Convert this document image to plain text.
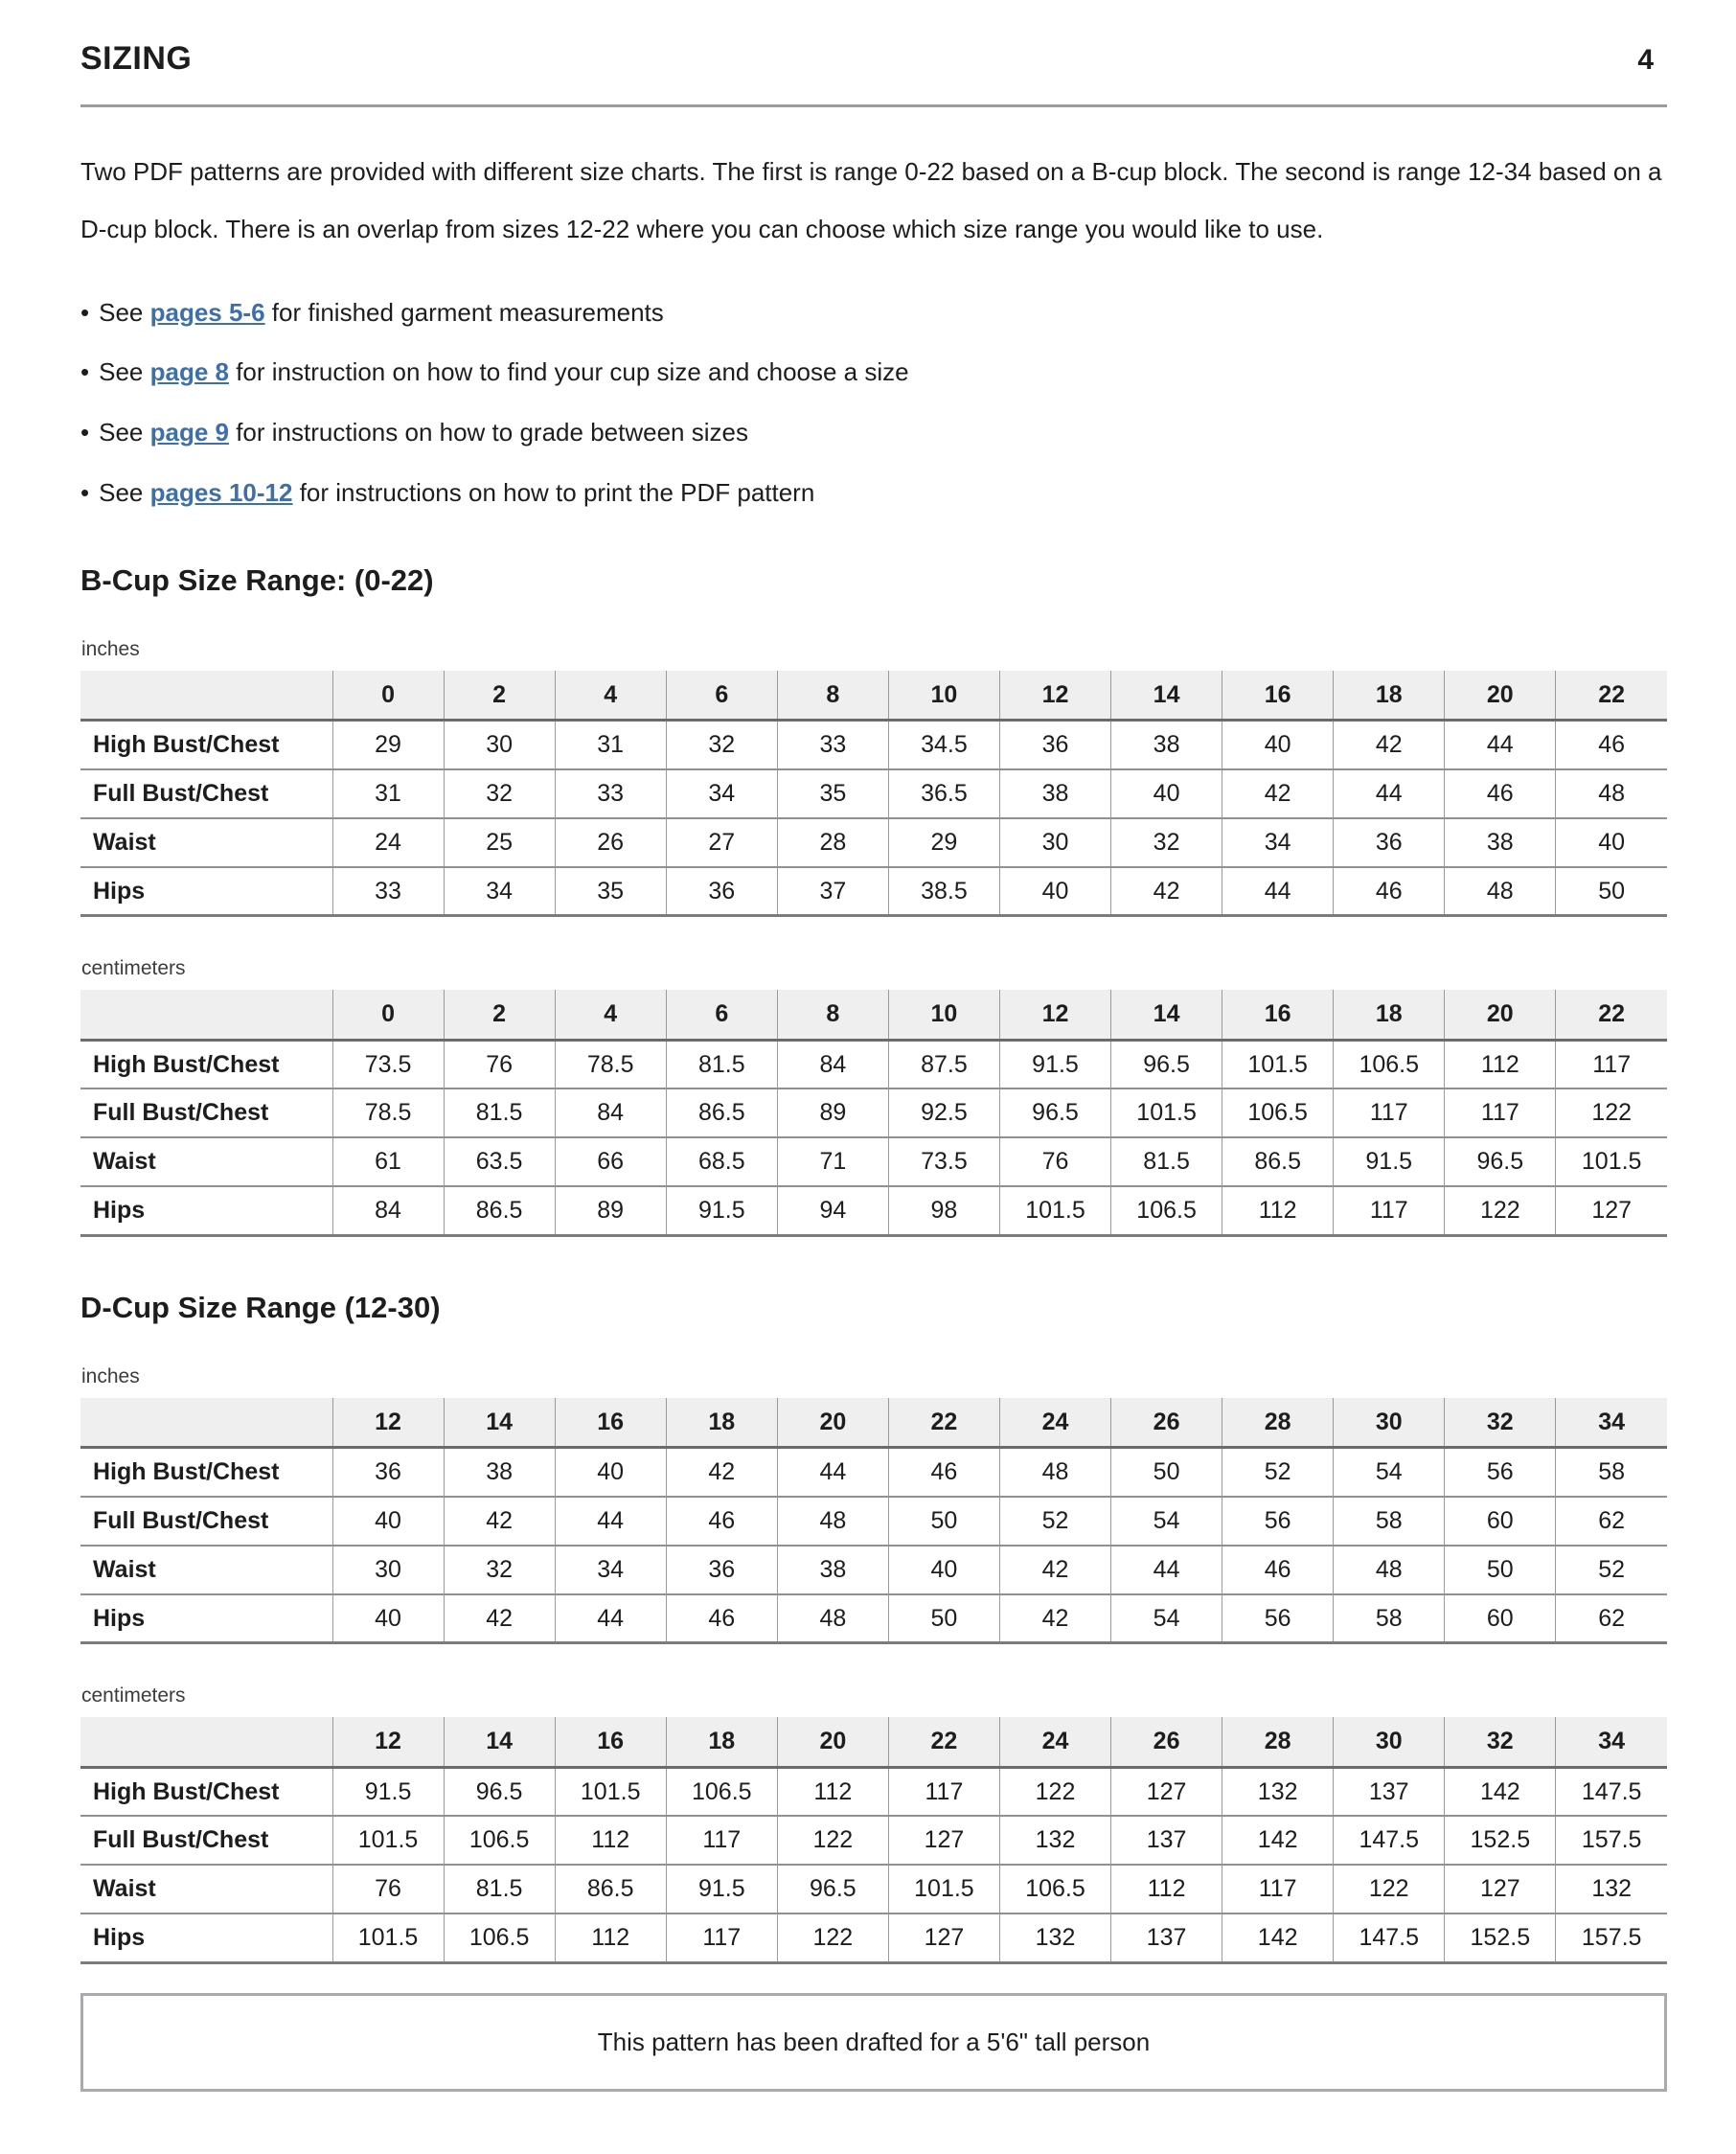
SIZING	4

Two PDF patterns are provided with different size charts. The first is range 0-22 based on a B-cup block. The second is range 12-34 based on a D-cup block. There is an overlap from sizes 12-22 where you can choose which size range you would like to use.

• See pages 5-6 for finished garment measurements
• See page 8 for instruction on how to find your cup size and choose a size
• See page 9 for instructions on how to grade between sizes
• See pages 10-12 for instructions on how to print the PDF pattern
B-Cup Size Range: (0-22)
inches
	0	2	4	6	8	10	12	14	16	18	20	22
High Bust/Chest	29	30	31	32	33	34.5	36	38	40	42	44	46
Full Bust/Chest	31	32	33	34	35	36.5	38	40	42	44	46	48
Waist	24	25	26	27	28	29	30	32	34	36	38	40
Hips	33	34	35	36	37	38.5	40	42	44	46	48	50
centimeters
	0	2	4	6	8	10	12	14	16	18	20	22
High Bust/Chest	73.5	76	78.5	81.5	84	87.5	91.5	96.5	101.5	106.5	112	117
Full Bust/Chest	78.5	81.5	84	86.5	89	92.5	96.5	101.5	106.5	117	117	122
Waist	61	63.5	66	68.5	71	73.5	76	81.5	86.5	91.5	96.5	101.5
Hips	84	86.5	89	91.5	94	98	101.5	106.5	112	117	122	127
D-Cup Size Range (12-30)
inches
	12	14	16	18	20	22	24	26	28	30	32	34
High Bust/Chest	36	38	40	42	44	46	48	50	52	54	56	58
Full Bust/Chest	40	42	44	46	48	50	52	54	56	58	60	62
Waist	30	32	34	36	38	40	42	44	46	48	50	52
Hips	40	42	44	46	48	50	42	54	56	58	60	62
centimeters
	12	14	16	18	20	22	24	26	28	30	32	34
High Bust/Chest	91.5	96.5	101.5	106.5	112	117	122	127	132	137	142	147.5
Full Bust/Chest	101.5	106.5	112	117	122	127	132	137	142	147.5	152.5	157.5
Waist	76	81.5	86.5	91.5	96.5	101.5	106.5	112	117	122	127	132
Hips	101.5	106.5	112	117	122	127	132	137	142	147.5	152.5	157.5
This pattern has been drafted for a 5'6" tall person
